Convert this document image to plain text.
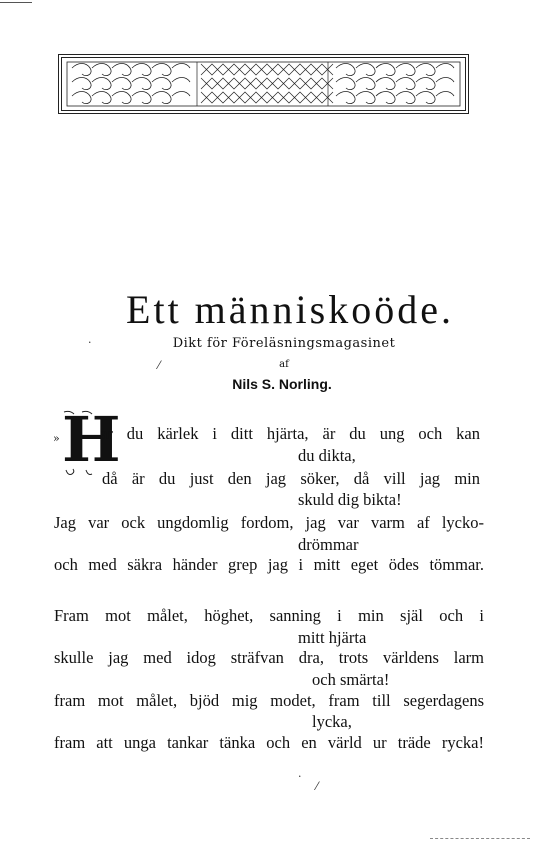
Ett människoöde.
·	Dikt för Föreläsningsmagasinet
⁄	af
Nils S. Norling.
» H
ar du kärlek i ditt hjärta, är du ung och kan
du dikta,
då är du just den jag söker, då vill jag min
skuld dig bikta!
Jag var ock ungdomlig fordom, jag var varm af lycko-
drömmar
och med säkra händer grep jag i mitt eget ödes tömmar.
Fram mot målet, höghet, sanning i min själ och i
mitt hjärta
skulle jag med idog sträfvan dra, trots världens larm
och smärta!
fram mot målet, bjöd mig modet, fram till segerdagens
lycka,
fram att unga tankar tänka och en värld ur träde rycka!
·
⁄
